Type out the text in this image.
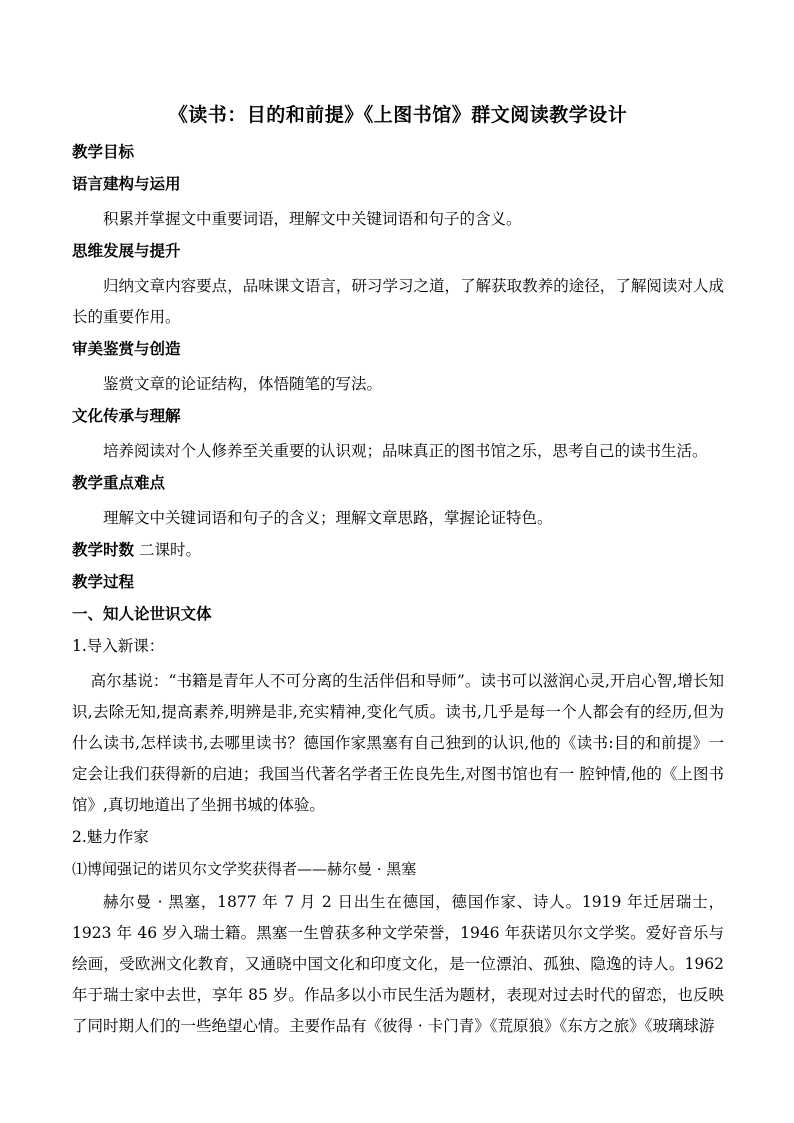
《读书：目的和前提》《上图书馆》群文阅读教学设计
教学目标
语言建构与运用
积累并掌握文中重要词语，理解文中关键词语和句子的含义。
思维发展与提升
归纳文章内容要点，品味课文语言，研习学习之道，了解获取教养的途径，了解阅读对人成长的重要作用。
审美鉴赏与创造
鉴赏文章的论证结构，体悟随笔的写法。
文化传承与理解
培养阅读对个人修养至关重要的认识观；品味真正的图书馆之乐，思考自己的读书生活。
教学重点难点
理解文中关键词语和句子的含义；理解文章思路，掌握论证特色。
教学时数 二课时。
教学过程
一、知人论世识文体
1.导入新课：
高尔基说：“书籍是青年人不可分离的生活伴侣和导师”。读书可以滋润心灵,开启心智,增长知识,去除无知,提高素养,明辨是非,充实精神,变化气质。读书,几乎是每一个人都会有的经历,但为什么读书,怎样读书,去哪里读书？德国作家黑塞有自己独到的认识,他的《读书:目的和前提》一定会让我们获得新的启迪；我国当代著名学者王佐良先生,对图书馆也有一 腔钟情,他的《上图书馆》,真切地道出了坐拥书城的体验。
2.魅力作家
⑴博闻强记的诺贝尔文学奖获得者——赫尔曼 · 黑塞
赫尔曼 · 黑塞，1877 年 7 月 2 日出生在德国，德国作家、诗人。1919 年迁居瑞士，1923 年 46 岁入瑞士籍。黑塞一生曾获多种文学荣誉，1946 年获诺贝尔文学奖。爱好音乐与绘画，受欧洲文化教育，又通晓中国文化和印度文化，是一位漂泊、孤独、隐逸的诗人。1962 年于瑞士家中去世，享年 85 岁。作品多以小市民生活为题材，表现对过去时代的留恋，也反映了同时期人们的一些绝望心情。主要作品有《彼得 · 卡门青》《荒原狼》《东方之旅》《玻璃球游
